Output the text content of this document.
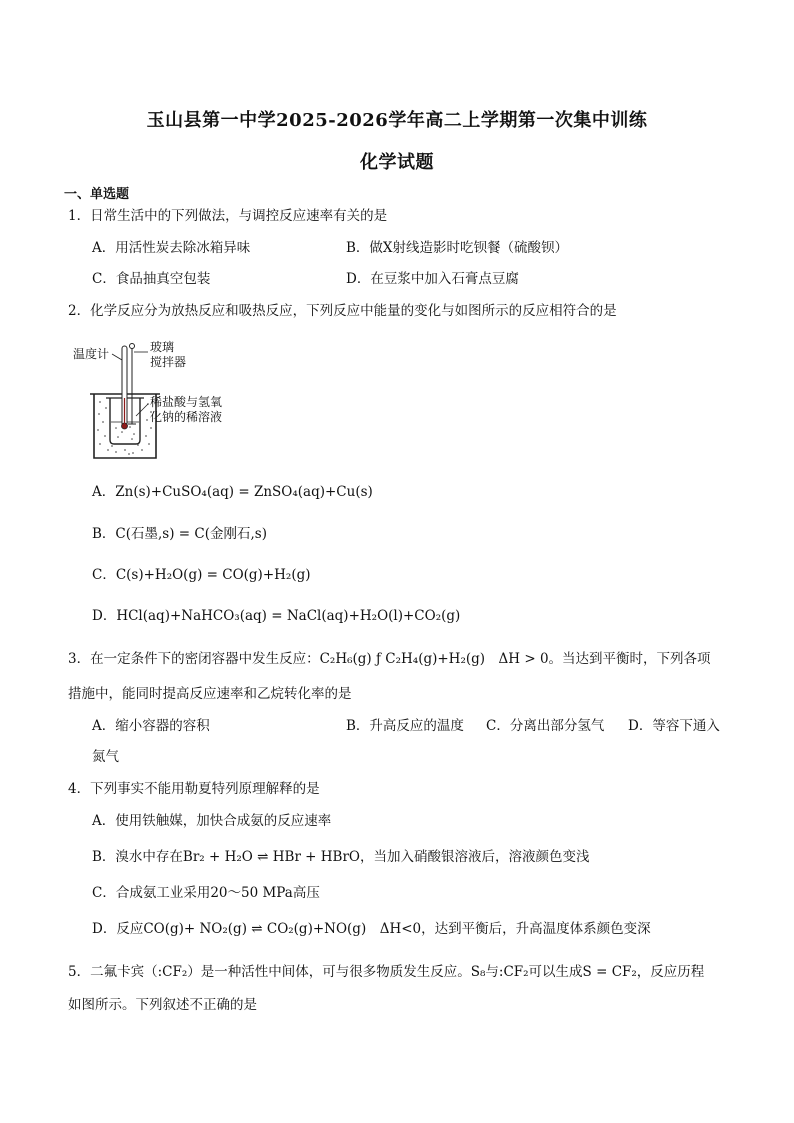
玉山县第一中学2025-2026学年高二上学期第一次集中训练
化学试题
一、单选题
1．日常生活中的下列做法，与调控反应速率有关的是
A．用活性炭去除冰箱异味	B．做X射线造影时吃钡餐（硫酸钡）
C．食品抽真空包装	D．在豆浆中加入石膏点豆腐
2．化学反应分为放热反应和吸热反应，下列反应中能量的变化与如图所示的反应相符合的是
温度计	玻璃
搅拌器
稀盐酸与氢氧
化钠的稀溶液
A．Zn(s)+CuSO₄(aq) = ZnSO₄(aq)+Cu(s)
B．C(石墨,s) = C(金刚石,s)
C．C(s)+H₂O(g) = CO(g)+H₂(g)
D．HCl(aq)+NaHCO₃(aq) = NaCl(aq)+H₂O(l)+CO₂(g)
3．在一定条件下的密闭容器中发生反应：C₂H₆(g) ƒ C₂H₄(g)+H₂(g)　ΔH > 0。当达到平衡时，下列各项
措施中，能同时提高反应速率和乙烷转化率的是
A．缩小容器的容积	B．升高反应的温度 C．分离出部分氢气 D．等容下通入
氮气
4．下列事实不能用勒夏特列原理解释的是
A．使用铁触媒，加快合成氨的反应速率
B．溴水中存在Br₂ + H₂O ⇌ HBr + HBrO，当加入硝酸银溶液后，溶液颜色变浅
C．合成氨工业采用20～50 MPa高压
D．反应CO(g)+ NO₂(g) ⇌ CO₂(g)+NO(g)　ΔH<0，达到平衡后，升高温度体系颜色变深
5．二氟卡宾（:CF₂）是一种活性中间体，可与很多物质发生反应。S₈与:CF₂可以生成S = CF₂，反应历程
如图所示。下列叙述不正确的是
